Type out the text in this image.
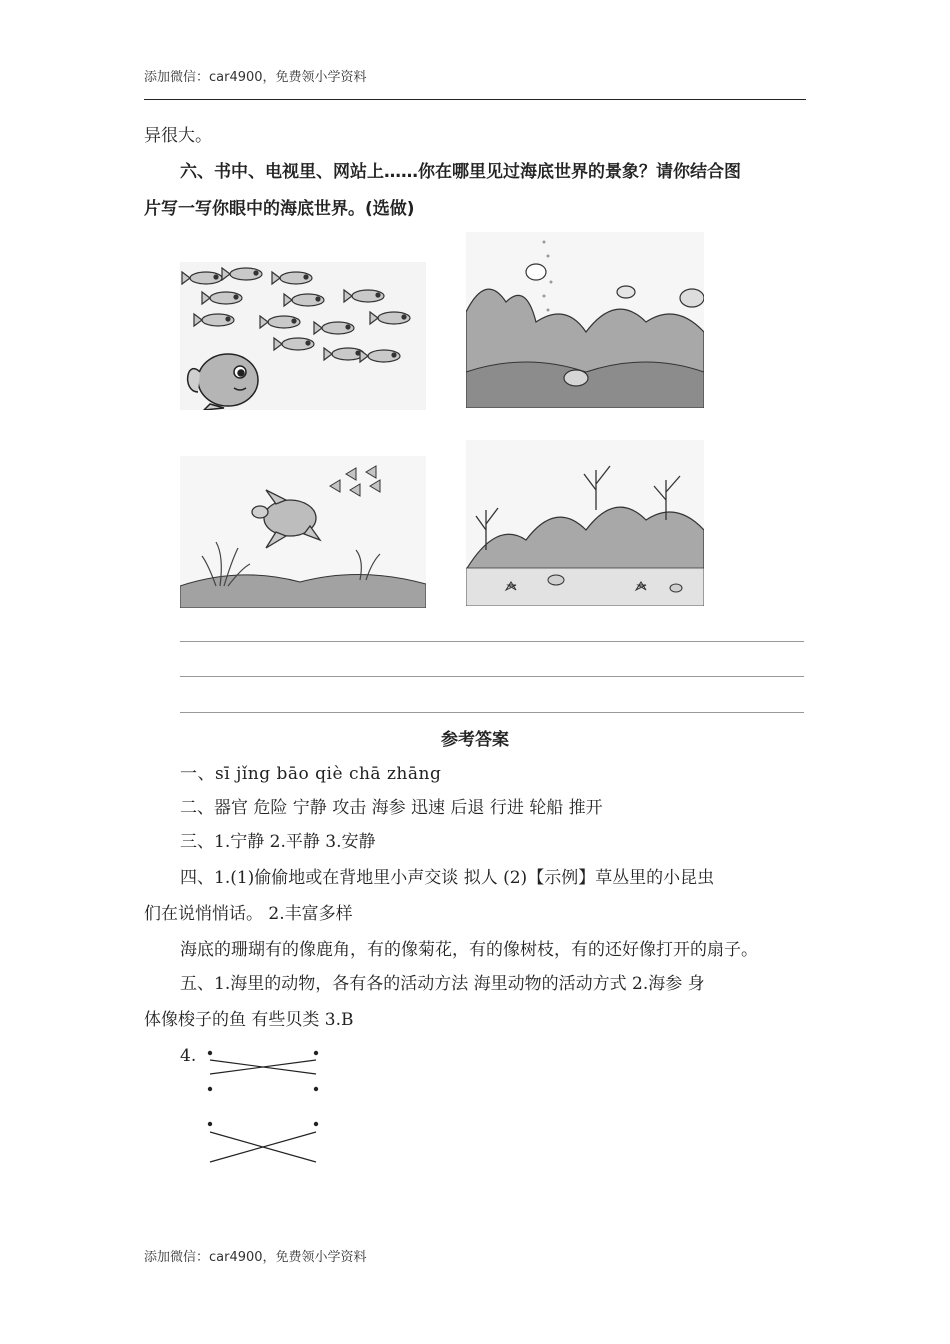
添加微信：car4900，免费领小学资料
异很大。
六、书中、电视里、网站上……你在哪里见过海底世界的景象？请你结合图
片写一写你眼中的海底世界。(选做)
参考答案
一、sī jǐng bāo qiè chā zhāng
二、器官 危险 宁静 攻击 海参 迅速 后退 行进 轮船 推开
三、1.宁静 2.平静 3.安静
四、1.(1)偷偷地或在背地里小声交谈 拟人 (2)【示例】草丛里的小昆虫
们在说悄悄话。 2.丰富多样
海底的珊瑚有的像鹿角，有的像菊花，有的像树枝，有的还好像打开的扇子。
五、1.海里的动物，各有各的活动方法 海里动物的活动方式 2.海参 身
体像梭子的鱼 有些贝类 3.B
4.
添加微信：car4900，免费领小学资料
